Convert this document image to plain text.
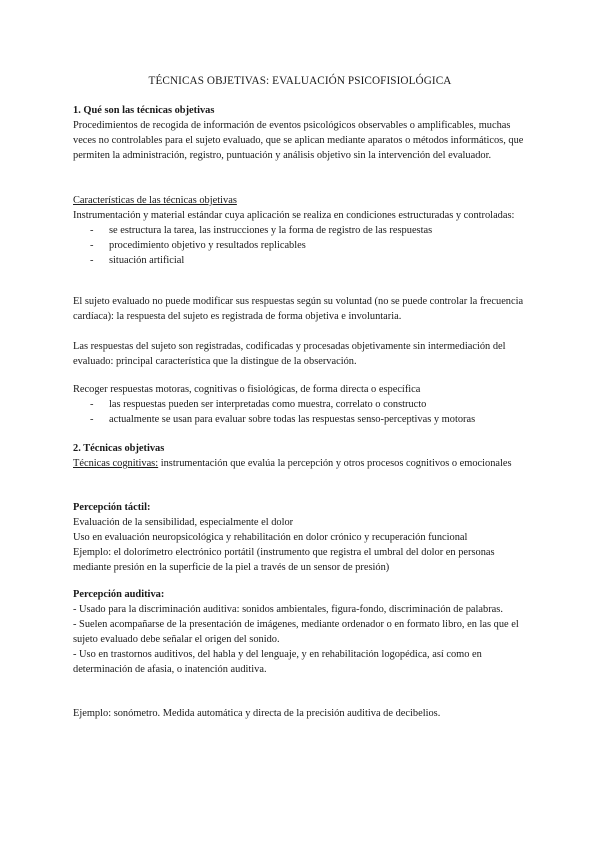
TÉCNICAS OBJETIVAS: EVALUACIÓN PSICOFISIOLÓGICA

1. Qué son las técnicas objetivas

Procedimientos de recogida de información de eventos psicológicos observables o amplificables, muchas veces no controlables para el sujeto evaluado, que se aplican mediante aparatos o métodos informáticos, que permiten la administración, registro, puntuación y análisis objetivo sin la intervención del evaluador.

Características de las técnicas objetivas

Instrumentación y material estándar cuya aplicación se realiza en condiciones estructuradas y controladas:

- se estructura la tarea, las instrucciones y la forma de registro de las respuestas
- procedimiento objetivo y resultados replicables
- situación artificial

El sujeto evaluado no puede modificar sus respuestas según su voluntad (no se puede controlar la frecuencia cardíaca): la respuesta del sujeto es registrada de forma objetiva e involuntaria.

Las respuestas del sujeto son registradas, codificadas y procesadas objetivamente sin intermediación del evaluado: principal característica que la distingue de la observación.

Recoger respuestas motoras, cognitivas o fisiológicas, de forma directa o específica

- las respuestas pueden ser interpretadas como muestra, correlato o constructo
- actualmente se usan para evaluar sobre todas las respuestas senso-perceptivas y motoras

2. Técnicas objetivas

Técnicas cognitivas: instrumentación que evalúa la percepción y otros procesos cognitivos o emocionales

Percepción táctil:

Evaluación de la sensibilidad, especialmente el dolor

Uso en evaluación neuropsicológica y rehabilitación en dolor crónico y recuperación funcional

Ejemplo: el dolorímetro electrónico portátil (instrumento que registra el umbral del dolor en personas mediante presión en la superficie de la piel a través de un sensor de presión)

Percepción auditiva:

- Usado para la discriminación auditiva: sonidos ambientales, figura-fondo, discriminación de palabras.

- Suelen acompañarse de la presentación de imágenes, mediante ordenador o en formato libro, en las que el sujeto evaluado debe señalar el origen del sonido.

- Uso en trastornos auditivos, del habla y del lenguaje, y en rehabilitación logopédica, así como en determinación de afasia, o inatención auditiva.

Ejemplo: sonómetro. Medida automática y directa de la precisión auditiva de decibelios.
